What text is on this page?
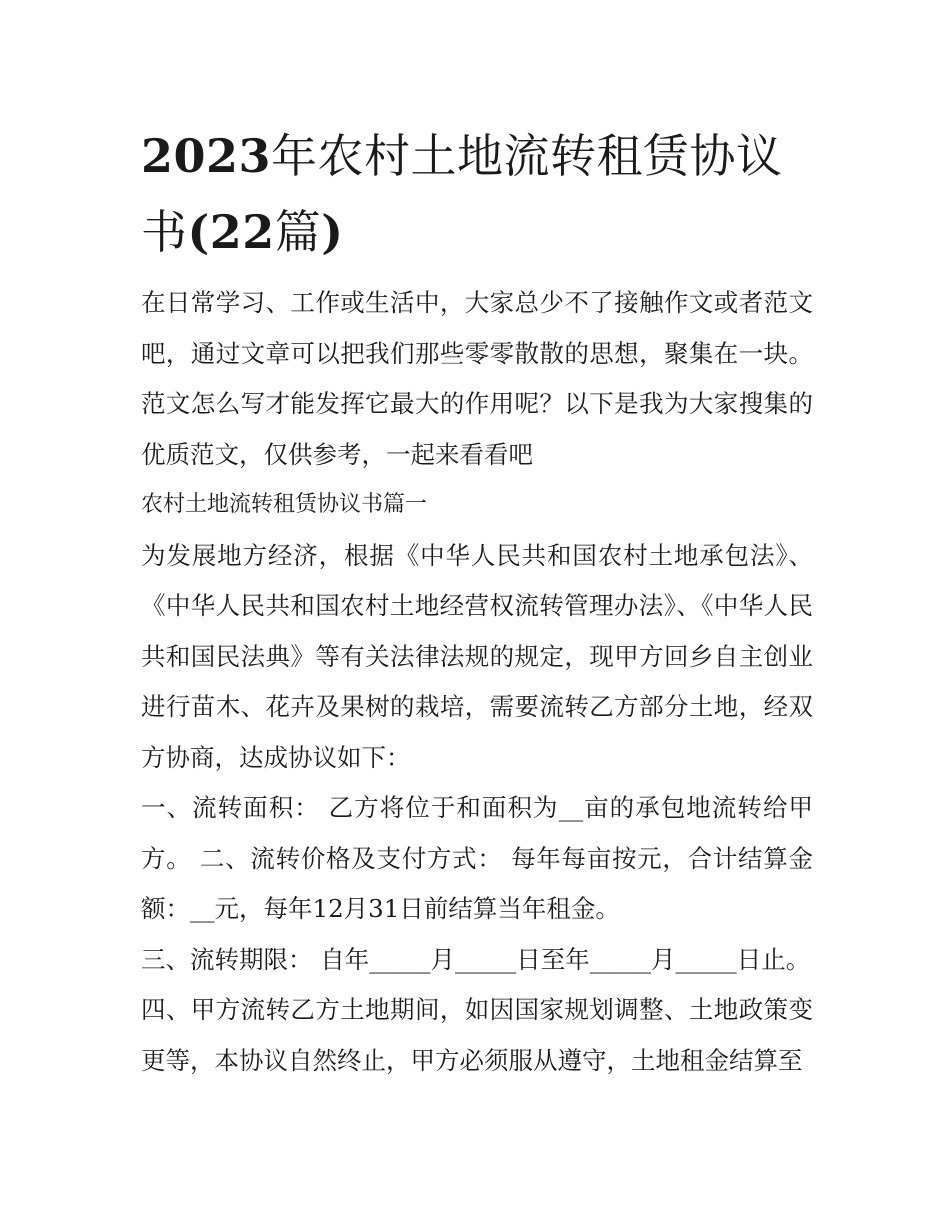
2023年农村土地流转租赁协议书(22篇)

在日常学习、工作或生活中，大家总少不了接触作文或者范文吧，通过文章可以把我们那些零零散散的思想，聚集在一块。范文怎么写才能发挥它最大的作用呢？以下是我为大家搜集的优质范文，仅供参考，一起来看看吧

农村土地流转租赁协议书篇一

为发展地方经济，根据《中华人民共和国农村土地承包法》、《中华人民共和国农村土地经营权流转管理办法》、《中华人民共和国民法典》等有关法律法规的规定，现甲方回乡自主创业进行苗木、花卉及果树的栽培，需要流转乙方部分土地，经双方协商，达成协议如下：

一、流转面积： 乙方将位于和面积为__亩的承包地流转给甲方。 二、流转价格及支付方式： 每年每亩按元，合计结算金额：__元，每年12月31日前结算当年租金。

三、流转期限： 自年_____月_____日至年_____月_____日止。

四、甲方流转乙方土地期间，如因国家规划调整、土地政策变更等，本协议自然终止，甲方必须服从遵守，土地租金结算至
